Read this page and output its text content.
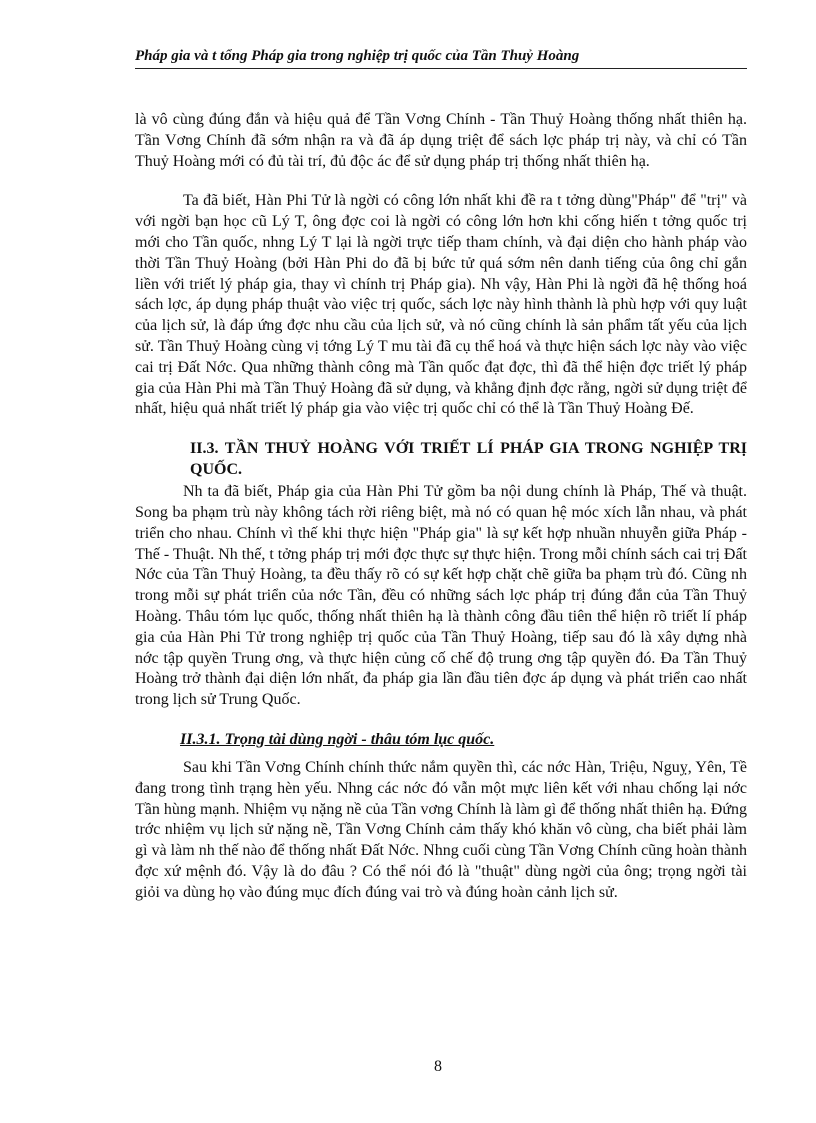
Pháp gia và t tổng Pháp gia trong nghiệp trị quốc của Tần Thuỷ Hoàng

là vô cùng đúng đắn và hiệu quả để Tần Vơng Chính - Tần Thuỷ Hoàng thống nhất thiên hạ. Tần Vơng Chính đã sớm nhận ra và đã áp dụng triệt để sách lợc pháp trị này, và chỉ có Tần Thuỷ Hoàng mới có đủ tài trí, đủ độc ác để sử dụng pháp trị thống nhất thiên hạ.

Ta đã biết, Hàn Phi Tử là ngời có công lớn nhất khi đề ra t tởng dùng"Pháp" để "trị" và với ngời bạn học cũ Lý T, ông đợc coi là ngời có công lớn hơn khi cống hiến t tởng quốc trị mới cho Tần quốc, nhng Lý T lại là ngời trực tiếp tham chính, và đại diện cho hành pháp vào thời Tần Thuỷ Hoàng (bởi Hàn Phi do đã bị bức tử quá sớm nên danh tiếng của ông chỉ gắn liền với triết lý pháp gia, thay vì chính trị Pháp gia). Nh vậy, Hàn Phi là ngời đã hệ thống hoá sách lợc, áp dụng pháp thuật vào việc trị quốc, sách lợc này hình thành là phù hợp với quy luật của lịch sử, là đáp ứng đợc nhu cầu của lịch sử, và nó cũng chính là sản phẩm tất yếu của lịch sử. Tần Thuỷ Hoàng cùng vị tớng Lý T mu tài đã cụ thể hoá và thực hiện sách lợc này vào việc cai trị Đất Nớc. Qua những thành công mà Tần quốc đạt đợc, thì đã thể hiện đợc triết lý pháp gia của Hàn Phi mà Tần Thuỷ Hoàng đã sử dụng, và khẳng định đợc rằng, ngời sử dụng triệt để nhất, hiệu quả nhất triết lý pháp gia vào việc trị quốc chỉ có thể là Tần Thuỷ Hoàng Đế.

II.3. TẦN THUỶ HOÀNG VỚI TRIẾT LÍ PHÁP GIA TRONG NGHIỆP TRỊ QUỐC.

Nh ta đã biết, Pháp gia của Hàn Phi Tử gồm ba nội dung chính là Pháp, Thế và thuật. Song ba phạm trù này không tách rời riêng biệt, mà nó có quan hệ móc xích lẫn nhau, và phát triển cho nhau. Chính vì thế khi thực hiện "Pháp gia" là sự kết hợp nhuần nhuyễn giữa Pháp - Thế - Thuật. Nh thế, t tởng pháp trị mới đợc thực sự thực hiện. Trong mỗi chính sách cai trị Đất Nớc của Tần Thuỷ Hoàng, ta đều thấy rõ có sự kết hợp chặt chẽ giữa ba phạm trù đó. Cũng nh trong mỗi sự phát triển của nớc Tần, đều có những sách lợc pháp trị đúng đắn của Tần Thuỷ Hoàng. Thâu tóm lục quốc, thống nhất thiên hạ là thành công đầu tiên thể hiện rõ triết lí pháp gia của Hàn Phi Tử trong nghiệp trị quốc của Tần Thuỷ Hoàng, tiếp sau đó là xây dựng nhà nớc tập quyền Trung ơng, và thực hiện củng cố chế độ trung ơng tập quyền đó. Đa Tần Thuỷ Hoàng trở thành đại diện lớn nhất, đa pháp gia lần đầu tiên đợc áp dụng và phát triển cao nhất trong lịch sử Trung Quốc.

II.3.1. Trọng tài dùng ngời - thâu tóm lục quốc.

Sau khi Tần Vơng Chính chính thức nắm quyền thì, các nớc Hàn, Triệu, Nguỵ, Yên, Tề đang trong tình trạng hèn yếu. Nhng các nớc đó vẫn một mực liên kết với nhau chống lại nớc Tần hùng mạnh. Nhiệm vụ nặng nề của Tần vơng Chính là làm gì để thống nhất thiên hạ. Đứng trớc nhiệm vụ lịch sử nặng nề, Tần Vơng Chính cảm thấy khó khăn vô cùng, cha biết phải làm gì và làm nh thế nào để thống nhất Đất Nớc. Nhng cuối cùng Tần Vơng Chính cũng hoàn thành đợc xứ mệnh đó. Vậy là do đâu ? Có thể nói đó là "thuật" dùng ngời của ông; trọng ngời tài giỏi va dùng họ vào đúng mục đích đúng vai trò và đúng hoàn cảnh lịch sử.

8
